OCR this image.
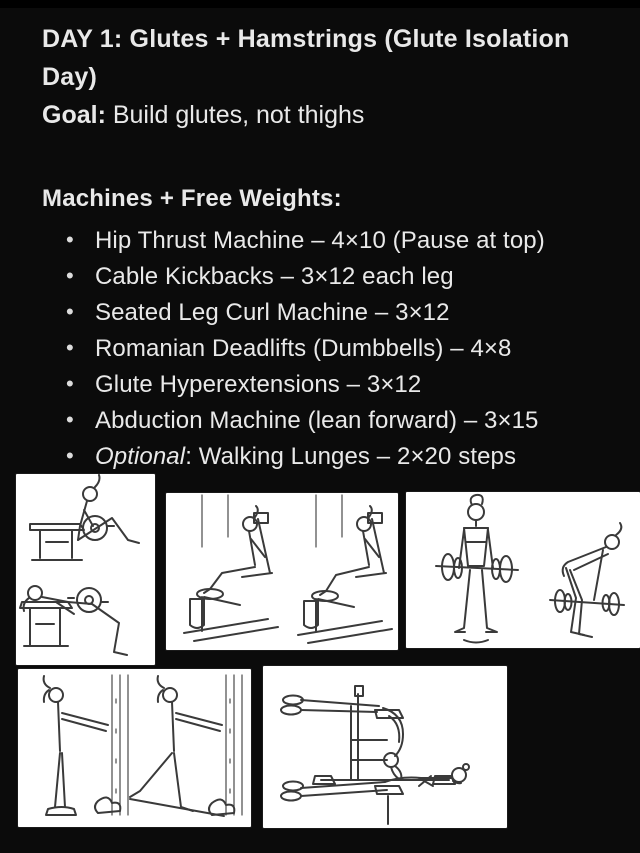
DAY 1: Glutes + Hamstrings (Glute Isolation
Day)

Goal: Build glutes, not thighs

Machines + Free Weights:
• Hip Thrust Machine – 4×10 (Pause at top)
• Cable Kickbacks – 3×12 each leg
• Seated Leg Curl Machine – 3×12
• Romanian Deadlifts (Dumbbells) – 4×8
• Glute Hyperextensions – 3×12
• Abduction Machine (lean forward) – 3×15
• Optional: Walking Lunges – 2×20 steps
